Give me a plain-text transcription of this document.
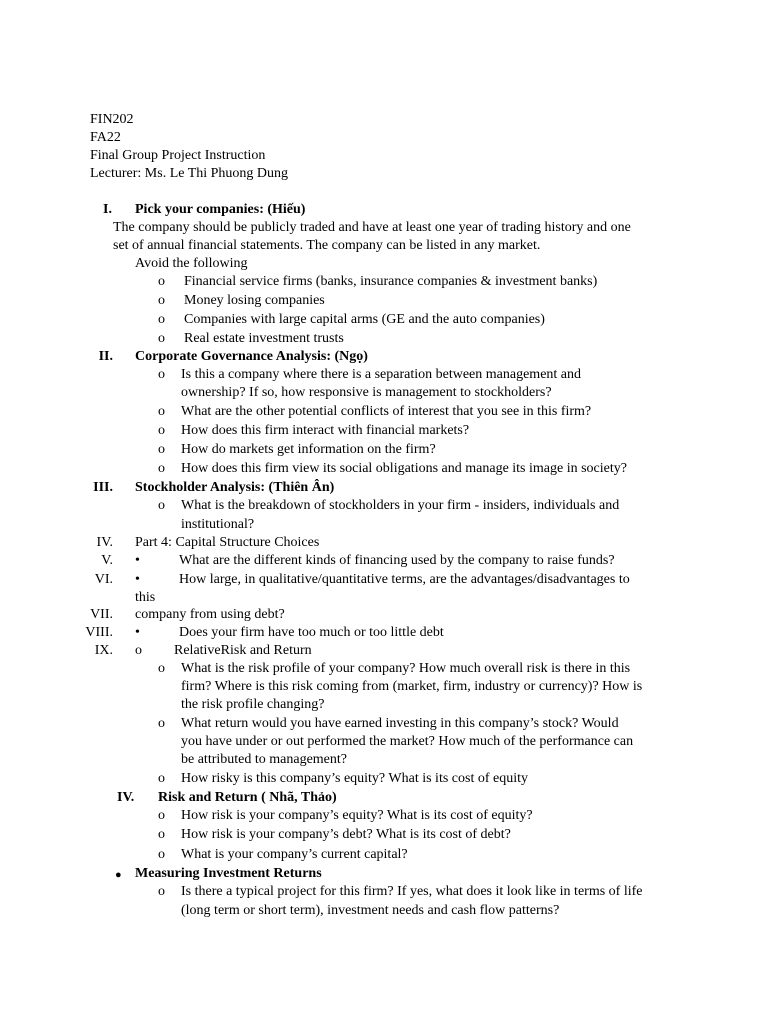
FIN202
FA22
Final Group Project Instruction
Lecturer: Ms. Le Thi Phuong Dung
I. Pick your companies: (Hiếu)
The company should be publicly traded and have at least one year of trading history and one
set of annual financial statements. The company can be listed in any market.
Avoid the following
o Financial service firms (banks, insurance companies & investment banks)
o Money losing companies
o Companies with large capital arms (GE and the auto companies)
o Real estate investment trusts
II. Corporate Governance Analysis: (Ngọ)
o Is this a company where there is a separation between management and
ownership? If so, how responsive is management to stockholders?
o What are the other potential conflicts of interest that you see in this firm?
o How does this firm interact with financial markets?
o How do markets get information on the firm?
o How does this firm view its social obligations and manage its image in society?
III. Stockholder Analysis: (Thiên Ân)
o What is the breakdown of stockholders in your firm - insiders, individuals and
institutional?
IV. Part 4: Capital Structure Choices
V. •	What are the different kinds of financing used by the company to raise funds?
VI. •	How large, in qualitative/quantitative terms, are the advantages/disadvantages to
this
VII. company from using debt?
VIII. •	Does your firm have too much or too little debt
IX. o RelativeRisk and Return
o What is the risk profile of your company? How much overall risk is there in this
firm? Where is this risk coming from (market, firm, industry or currency)? How is
the risk profile changing?
o What return would you have earned investing in this company’s stock? Would
you have under or out performed the market? How much of the performance can
be attributed to management?
o How risky is this company’s equity? What is its cost of equity
IV. Risk and Return ( Nhã, Thảo)
o How risk is your company’s equity? What is its cost of equity?
o How risk is your company’s debt? What is its cost of debt?
o What is your company’s current capital?
● Measuring Investment Returns
o Is there a typical project for this firm? If yes, what does it look like in terms of life
(long term or short term), investment needs and cash flow patterns?
